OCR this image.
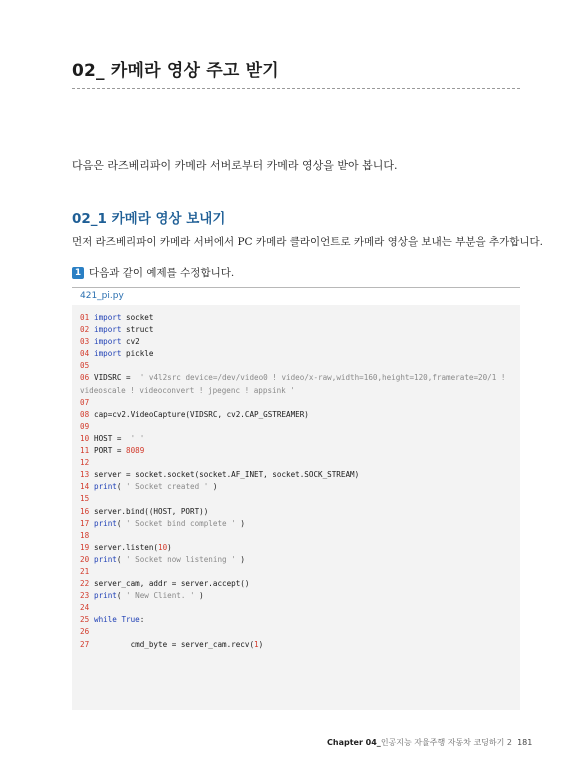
02_ 카메라 영상 주고 받기
다음은 라즈베리파이 카메라 서버로부터 카메라 영상을 받아 봅니다.
02_1 카메라 영상 보내기
먼저 라즈베리파이 카메라 서버에서 PC 카메라 클라이언트로 카메라 영상을 보내는 부분을 추가합니다.
1 다음과 같이 예제를 수정합니다.
421_pi.py
01 import socket
02 import struct
03 import cv2
04 import pickle
05
06 VIDSRC =  ' v4l2src device=/dev/video0 ! video/x-raw,width=160,height=120,framerate=20/1 !
videoscale ! videoconvert ! jpegenc ! appsink '
07
08 cap=cv2.VideoCapture(VIDSRC, cv2.CAP_GSTREAMER)
09
10 HOST =  ' '
11 PORT = 8089
12
13 server = socket.socket(socket.AF_INET, socket.SOCK_STREAM)
14 print( ' Socket created ' )
15
16 server.bind((HOST, PORT))
17 print( ' Socket bind complete ' )
18
19 server.listen(10)
20 print( ' Socket now listening ' )
21
22 server_cam, addr = server.accept()
23 print( ' New Client. ' )
24
25 while True:
26
27         cmd_byte = server_cam.recv(1)
Chapter 04_인공지능 자율주행 자동차 코딩하기 2 181
